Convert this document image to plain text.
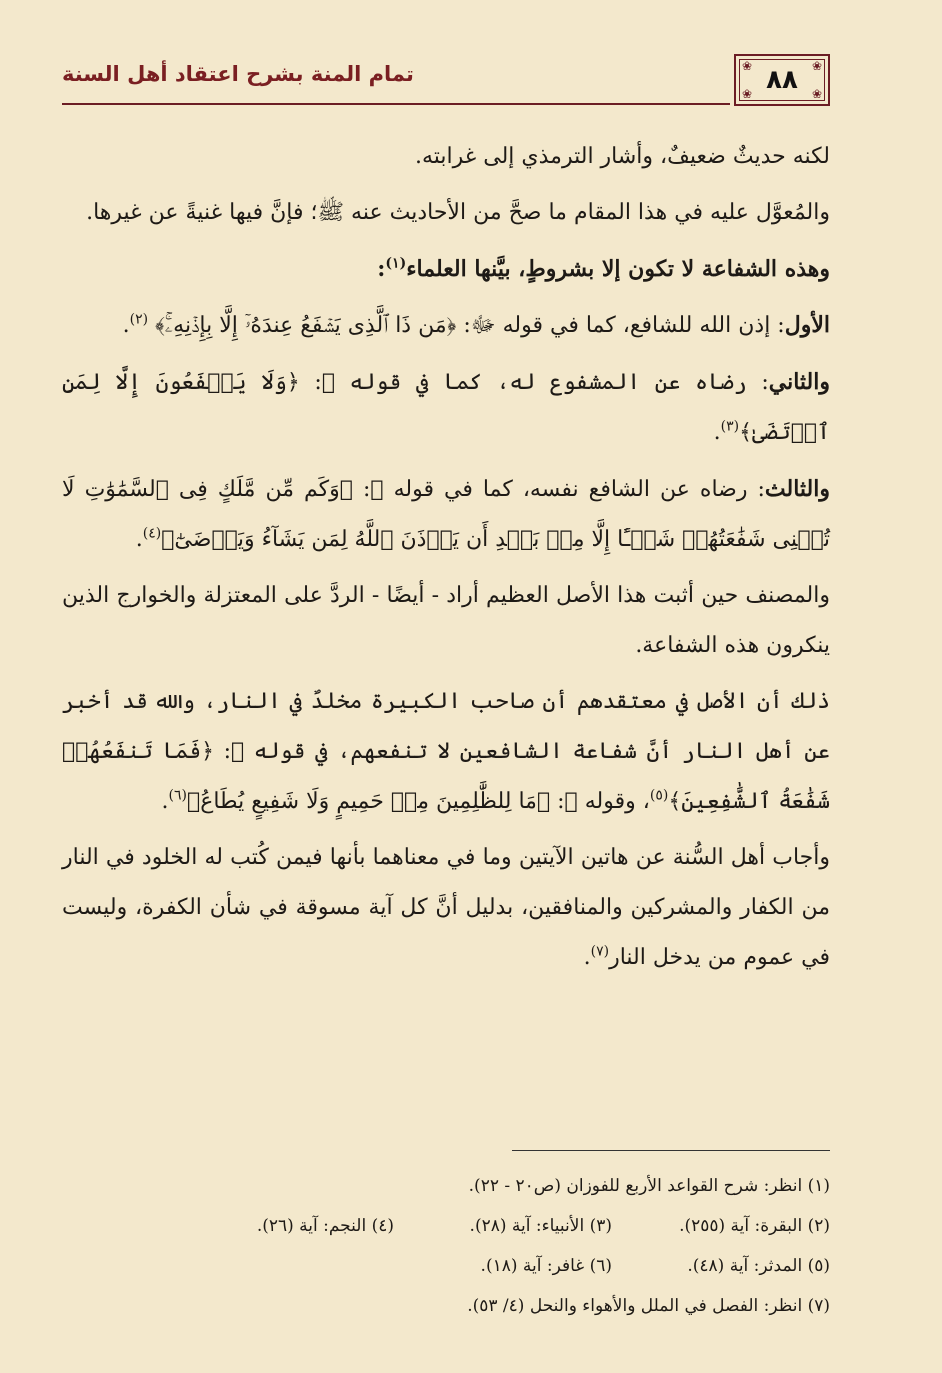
❀	❀
❀	❀
٨٨
تمام المنة بشرح اعتقاد أهل السنة

لكنه حديثٌ ضعيفٌ، وأشار الترمذي إلى غرابته.

والمُعوَّل عليه في هذا المقام ما صحَّ من الأحاديث عنه ﷺ؛ فإنَّ فيها غنيةً عن غيرها.

وهذه الشفاعة لا تكون إلا بشروطٍ، بيَّنها العلماء$^{(١)}$:

الأول: إذن الله للشافع، كما في قوله ﷻ: ﴿مَن ذَا ٱلَّذِى يَشۡفَعُ عِندَهُۥٓ إِلَّا بِإِذۡنِهِۦۚ﴾ $^{(٢)}$.

والثاني: رضاه عن المشفوع له، كما في قوله ﷻ: ﴿وَلَا يَشۡفَعُونَ إِلَّا لِمَنِ ٱرۡتَضَىٰ﴾$^{(٣)}$.

والثالث: رضاه عن الشافع نفسه، كما في قوله ﷻ: ﴿وَكَم مِّن مَّلَكٍ فِى ٱلسَّمَٰوَٰتِ لَا تُغۡنِى شَفَٰعَتُهُمۡ شَيۡـًٔا إِلَّا مِنۢ بَعۡدِ أَن يَأۡذَنَ ٱللَّهُ لِمَن يَشَآءُ وَيَرۡضَىٰٓ﴾$^{(٤)}$.

والمصنف حين أثبت هذا الأصل العظيم أراد - أيضًا - الردَّ على المعتزلة والخوارج الذين ينكرون هذه الشفاعة.

ذلك أن الأصل في معتقدهم أن صاحب الكبيرة مخلدٌ في النار، والله قد أخبر عن أهل النار أنَّ شفاعة الشافعين لا تنفعهم، في قوله ﷻ: ﴿فَمَا تَنفَعُهُمۡ شَفَٰعَةُ ٱلشَّٰفِعِينَ﴾$^{(٥)}$، وقوله ﷻ: ﴿مَا لِلظَّٰلِمِينَ مِنۡ حَمِيمٍ وَلَا شَفِيعٍ يُطَاعُ﴾$^{(٦)}$.

وأجاب أهل السُّنة عن هاتين الآيتين وما في معناهما بأنها فيمن كُتب له الخلود في النار من الكفار والمشركين والمنافقين، بدليل أنَّ كل آية مسوقة في شأن الكفرة، وليست في عموم من يدخل النار$^{(٧)}$.

(١) انظر: شرح القواعد الأربع للفوزان (ص٢٠ - ٢٢).
(٢) البقرة: آية (٢٥٥).
(٣) الأنبياء: آية (٢٨).
(٤) النجم: آية (٢٦).
(٥) المدثر: آية (٤٨).
(٦) غافر: آية (١٨).
(٧) انظر: الفصل في الملل والأهواء والنحل (٤/ ٥٣).
